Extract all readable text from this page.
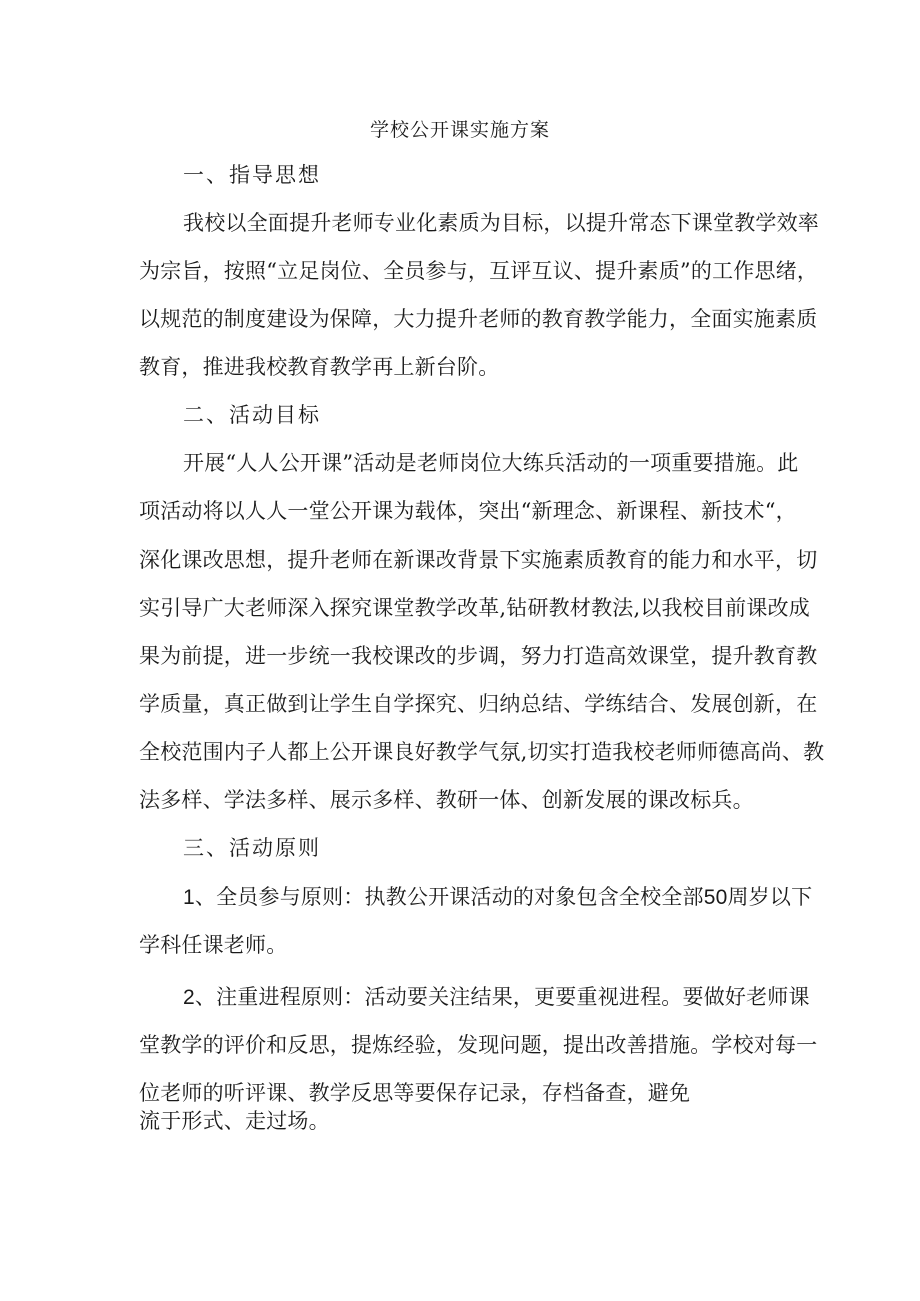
学校公开课实施方案
一、指导思想
我校以全面提升老师专业化素质为目标，以提升常态下课堂教学效率
为宗旨，按照“立足岗位、全员参与，互评互议、提升素质”的工作思绪，
以规范的制度建设为保障，大力提升老师的教育教学能力，全面实施素质
教育，推进我校教育教学再上新台阶。
二、活动目标
开展“人人公开课”活动是老师岗位大练兵活动的一项重要措施。此
项活动将以人人一堂公开课为载体，突出“新理念、新课程、新技术“，
深化课改思想，提升老师在新课改背景下实施素质教育的能力和水平，切
实引导广大老师深入探究课堂教学改革,钻研教材教法,以我校目前课改成
果为前提，进一步统一我校课改的步调，努力打造高效课堂，提升教育教
学质量，真正做到让学生自学探究、归纳总结、学练结合、发展创新，在
全校范围内子人都上公开课良好教学气氛,切实打造我校老师师德高尚、教
法多样、学法多样、展示多样、教研一体、创新发展的课改标兵。
三、活动原则
1、全员参与原则：执教公开课活动的对象包含全校全部50周岁以下
学科任课老师。
2、注重进程原则：活动要关注结果，更要重视进程。要做好老师课
堂教学的评价和反思，提炼经验，发现问题，提出改善措施。学校对每一
位老师的听评课、教学反思等要保存记录，存档备查，避免
流于形式、走过场。
